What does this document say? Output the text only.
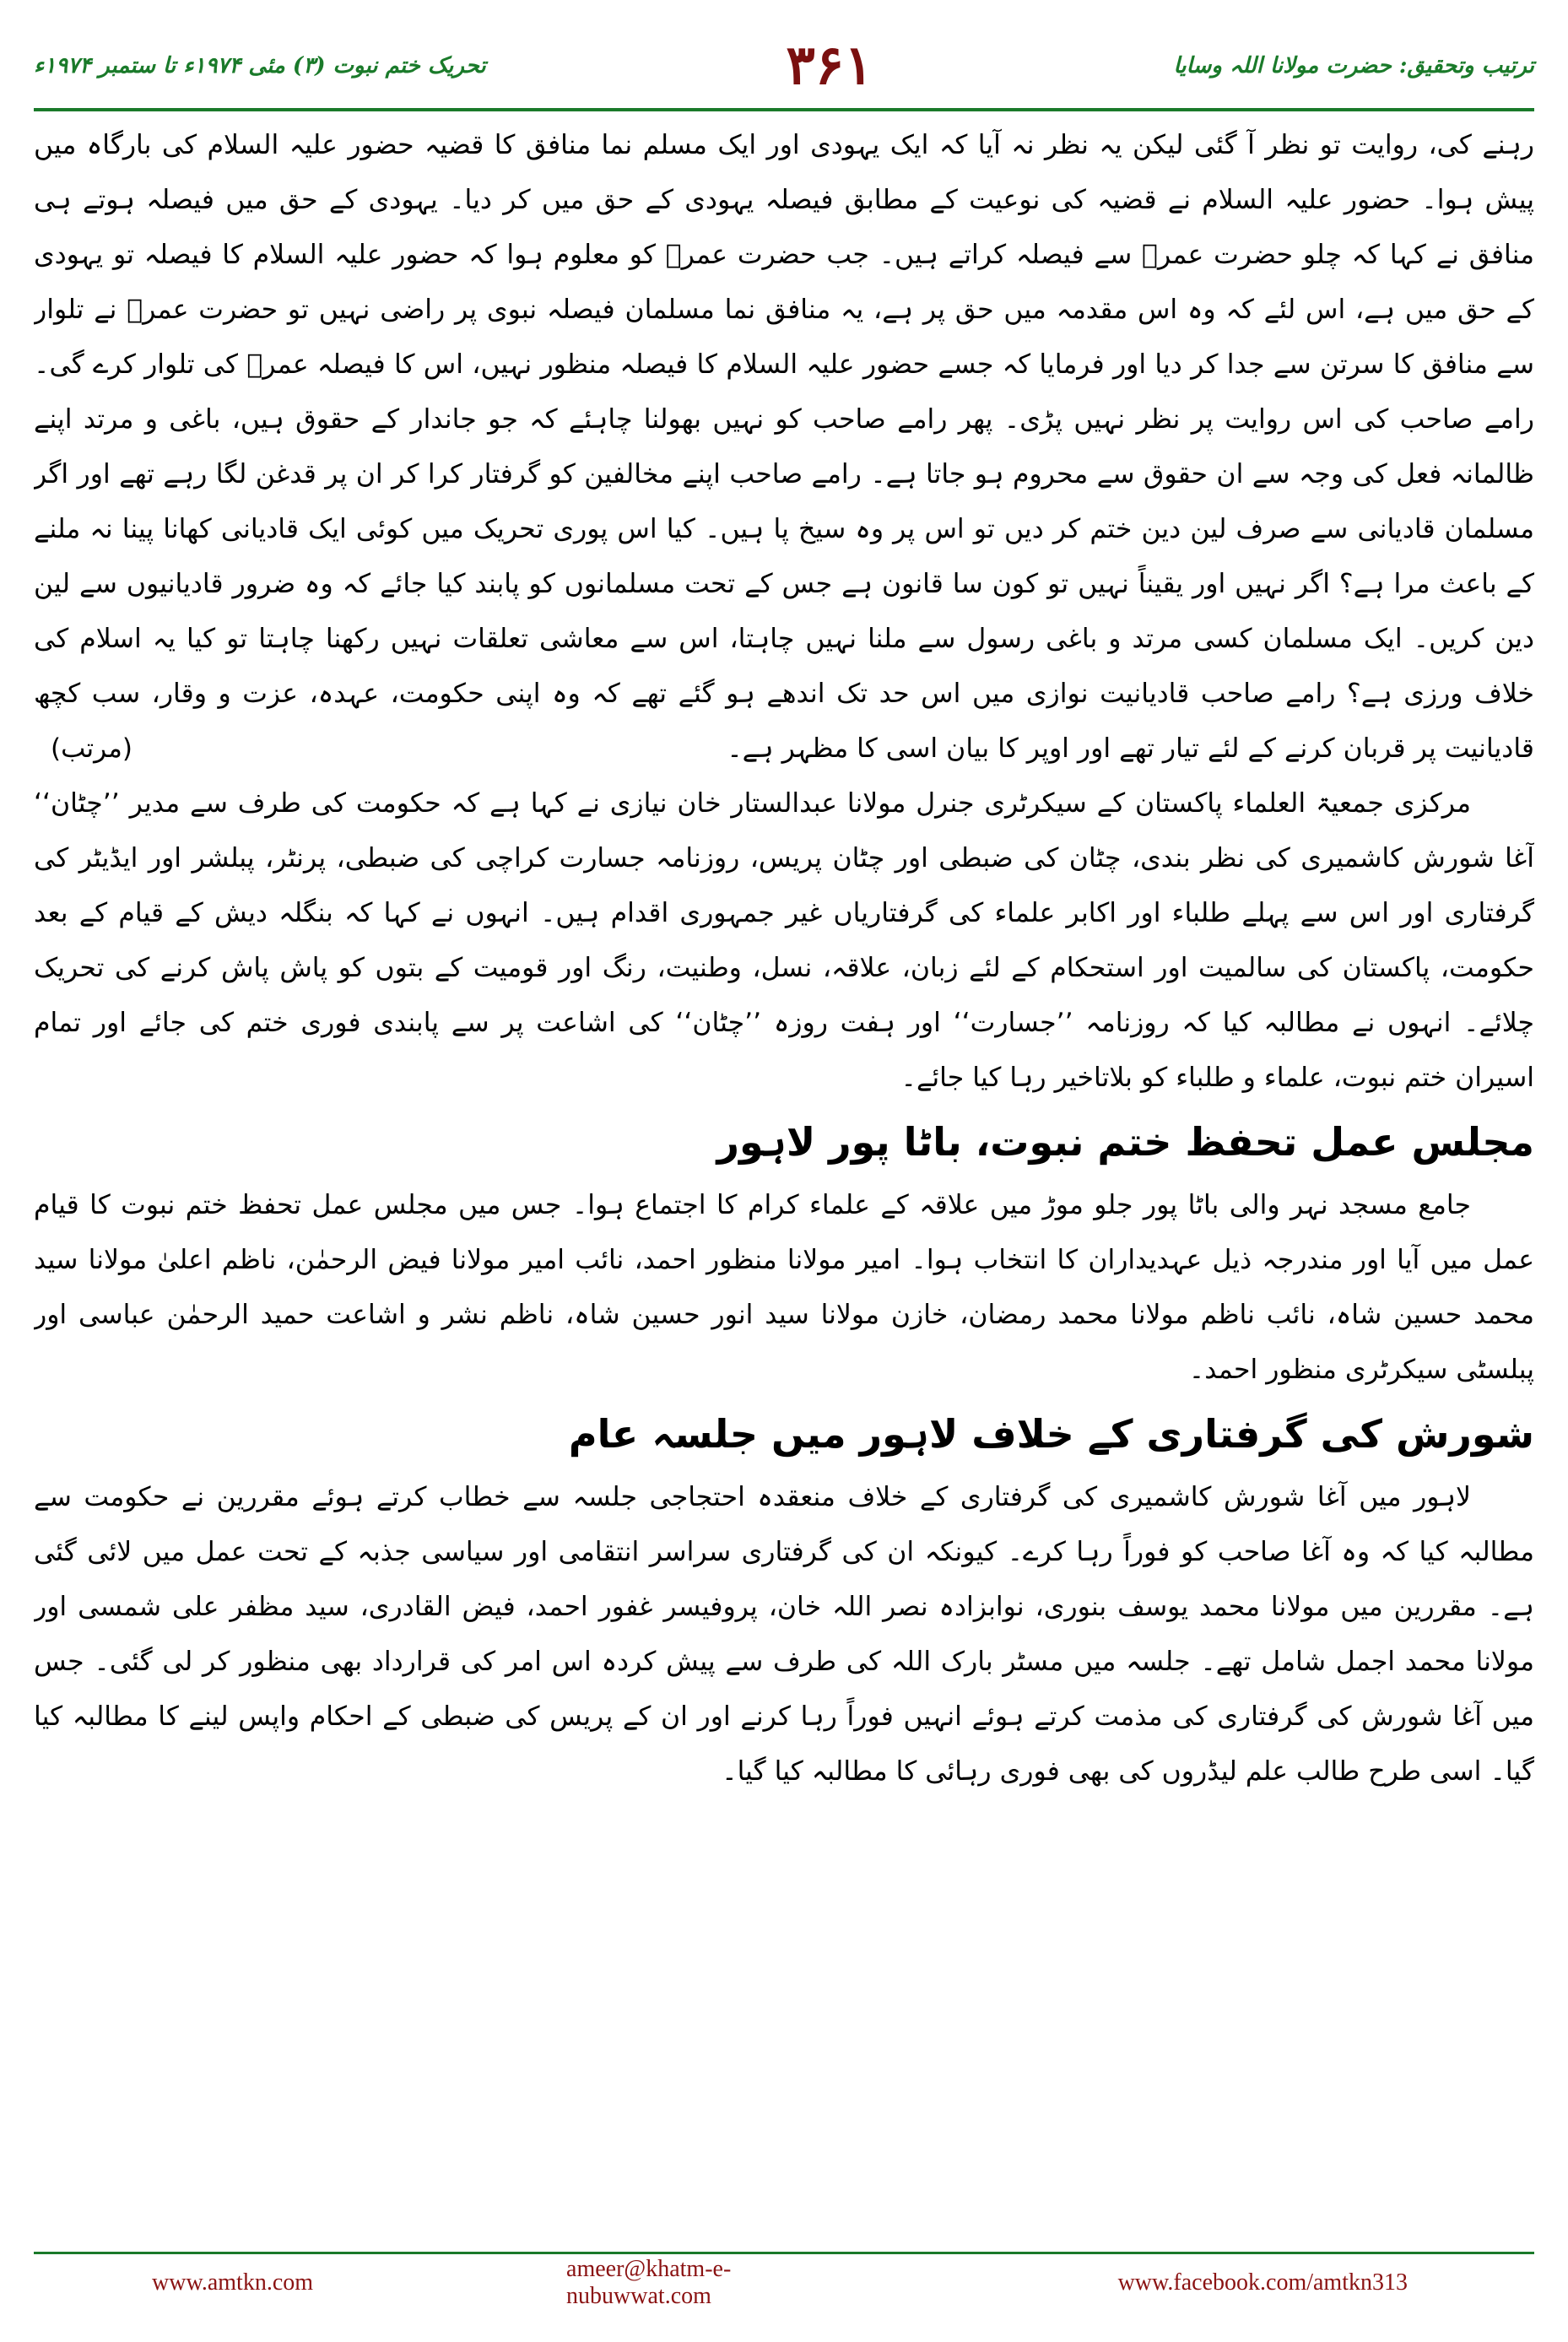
تحریک ختم نبوت (۳) مئی ۱۹۷۴ء تا ستمبر ۱۹۷۴ء	۳۶۱	ترتیب وتحقیق: حضرت مولانا اللہ وسایا

رہنے کی، روایت تو نظر آ گئی لیکن یہ نظر نہ آیا کہ ایک یہودی اور ایک مسلم نما منافق کا قضیہ حضور علیہ السلام کی بارگاہ میں پیش ہوا۔ حضور علیہ السلام نے قضیہ کی نوعیت کے مطابق فیصلہ یہودی کے حق میں کر دیا۔ یہودی کے حق میں فیصلہ ہوتے ہی منافق نے کہا کہ چلو حضرت عمرؓ سے فیصلہ کراتے ہیں۔ جب حضرت عمرؓ کو معلوم ہوا کہ حضور علیہ السلام کا فیصلہ تو یہودی کے حق میں ہے، اس لئے کہ وہ اس مقدمہ میں حق پر ہے، یہ منافق نما مسلمان فیصلہ نبوی پر راضی نہیں تو حضرت عمرؓ نے تلوار سے منافق کا سرتن سے جدا کر دیا اور فرمایا کہ جسے حضور علیہ السلام کا فیصلہ منظور نہیں، اس کا فیصلہ عمرؓ کی تلوار کرے گی۔ رامے صاحب کی اس روایت پر نظر نہیں پڑی۔ پھر رامے صاحب کو نہیں بھولنا چاہئے کہ جو جاندار کے حقوق ہیں، باغی و مرتد اپنے ظالمانہ فعل کی وجہ سے ان حقوق سے محروم ہو جاتا ہے۔ رامے صاحب اپنے مخالفین کو گرفتار کرا کر ان پر قدغن لگا رہے تھے اور اگر مسلمان قادیانی سے صرف لین دین ختم کر دیں تو اس پر وہ سیخ پا ہیں۔ کیا اس پوری تحریک میں کوئی ایک قادیانی کھانا پینا نہ ملنے کے باعث مرا ہے؟ اگر نہیں اور یقیناً نہیں تو کون سا قانون ہے جس کے تحت مسلمانوں کو پابند کیا جائے کہ وہ ضرور قادیانیوں سے لین دین کریں۔ ایک مسلمان کسی مرتد و باغی رسول سے ملنا نہیں چاہتا، اس سے معاشی تعلقات نہیں رکھنا چاہتا تو کیا یہ اسلام کی خلاف ورزی ہے؟ رامے صاحب قادیانیت نوازی میں اس حد تک اندھے ہو گئے تھے کہ وہ اپنی حکومت، عہدہ، عزت و وقار، سب کچھ قادیانیت پر قربان کرنے کے لئے تیار تھے اور اوپر کا بیان اسی کا مظہر ہے۔
(مرتب)

مرکزی جمعیۃ العلماء پاکستان کے سیکرٹری جنرل مولانا عبدالستار خان نیازی نے کہا ہے کہ حکومت کی طرف سے مدیر ’’چٹان‘‘ آغا شورش کاشمیری کی نظر بندی، چٹان کی ضبطی اور چٹان پریس، روزنامہ جسارت کراچی کی ضبطی، پرنٹر، پبلشر اور ایڈیٹر کی گرفتاری اور اس سے پہلے طلباء اور اکابر علماء کی گرفتاریاں غیر جمہوری اقدام ہیں۔ انہوں نے کہا کہ بنگلہ دیش کے قیام کے بعد حکومت، پاکستان کی سالمیت اور استحکام کے لئے زبان، علاقہ، نسل، وطنیت، رنگ اور قومیت کے بتوں کو پاش پاش کرنے کی تحریک چلائے۔ انہوں نے مطالبہ کیا کہ روزنامہ ’’جسارت‘‘ اور ہفت روزہ ’’چٹان‘‘ کی اشاعت پر سے پابندی فوری ختم کی جائے اور تمام اسیران ختم نبوت، علماء و طلباء کو بلاتاخیر رہا کیا جائے۔

مجلس عمل تحفظ ختم نبوت، باٹا پور لاہور

جامع مسجد نہر والی باٹا پور جلو موڑ میں علاقہ کے علماء کرام کا اجتماع ہوا۔ جس میں مجلس عمل تحفظ ختم نبوت کا قیام عمل میں آیا اور مندرجہ ذیل عہدیداران کا انتخاب ہوا۔ امیر مولانا منظور احمد، نائب امیر مولانا فیض الرحمٰن، ناظم اعلیٰ مولانا سید محمد حسین شاہ، نائب ناظم مولانا محمد رمضان، خازن مولانا سید انور حسین شاہ، ناظم نشر و اشاعت حمید الرحمٰن عباسی اور پبلسٹی سیکرٹری منظور احمد۔

شورش کی گرفتاری کے خلاف لاہور میں جلسہ عام

لاہور میں آغا شورش کاشمیری کی گرفتاری کے خلاف منعقدہ احتجاجی جلسہ سے خطاب کرتے ہوئے مقررین نے حکومت سے مطالبہ کیا کہ وہ آغا صاحب کو فوراً رہا کرے۔ کیونکہ ان کی گرفتاری سراسر انتقامی اور سیاسی جذبہ کے تحت عمل میں لائی گئی ہے۔ مقررین میں مولانا محمد یوسف بنوری، نوابزادہ نصر اللہ خان، پروفیسر غفور احمد، فیض القادری، سید مظفر علی شمسی اور مولانا محمد اجمل شامل تھے۔ جلسہ میں مسٹر بارک اللہ کی طرف سے پیش کردہ اس امر کی قرارداد بھی منظور کر لی گئی۔ جس میں آغا شورش کی گرفتاری کی مذمت کرتے ہوئے انہیں فوراً رہا کرنے اور ان کے پریس کی ضبطی کے احکام واپس لینے کا مطالبہ کیا گیا۔ اسی طرح طالب علم لیڈروں کی بھی فوری رہائی کا مطالبہ کیا گیا۔

www.amtkn.com
ameer@khatm-e-nubuwwat.com
www.facebook.com/amtkn313
